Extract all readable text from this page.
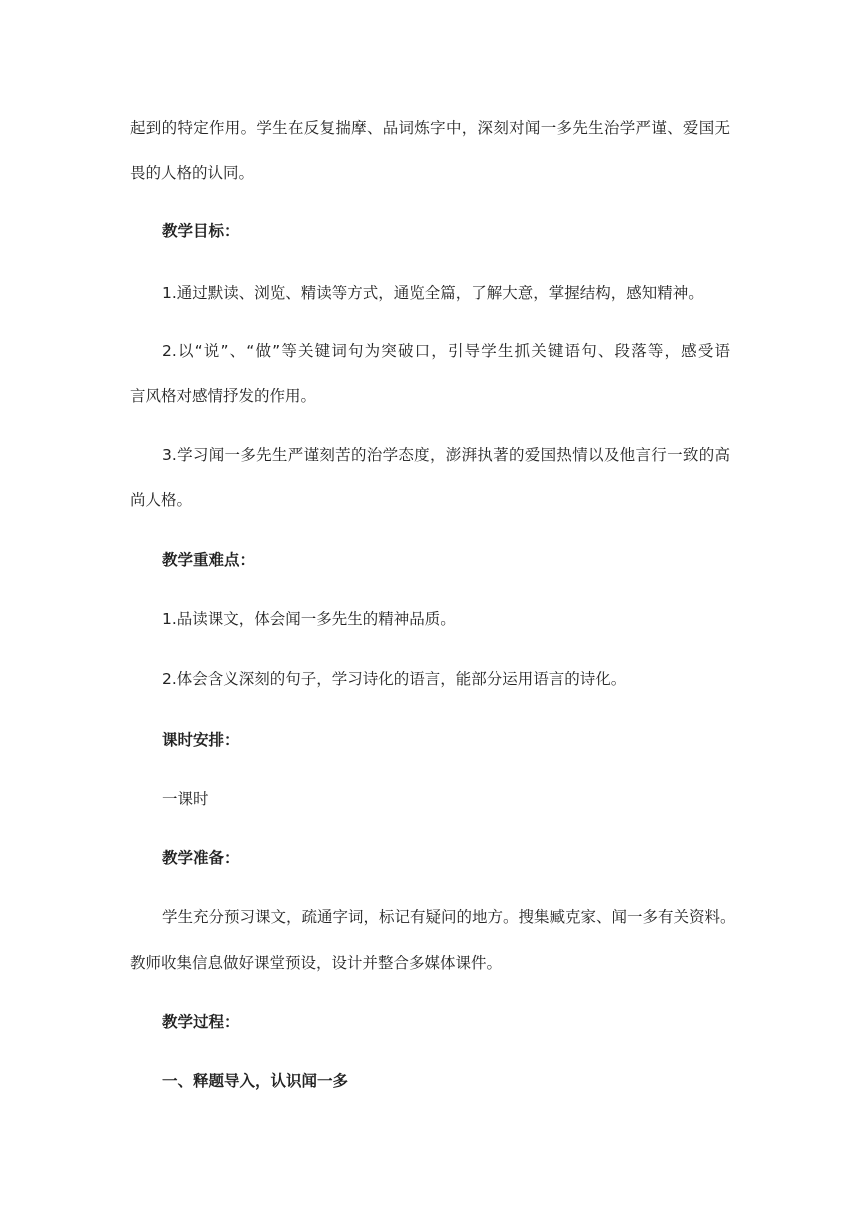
起到的特定作用。学生在反复揣摩、品词炼字中，深刻对闻一多先生治学严谨、爱国无

畏的人格的认同。

教学目标：

1.通过默读、浏览、精读等方式，通览全篇，了解大意，掌握结构，感知精神。

2.以“说”、“做”等关键词句为突破口，引导学生抓关键语句、段落等，感受语

言风格对感情抒发的作用。

3.学习闻一多先生严谨刻苦的治学态度，澎湃执著的爱国热情以及他言行一致的高

尚人格。

教学重难点：

1.品读课文，体会闻一多先生的精神品质。

2.体会含义深刻的句子，学习诗化的语言，能部分运用语言的诗化。

课时安排：

一课时

教学准备：

学生充分预习课文，疏通字词，标记有疑问的地方。搜集臧克家、闻一多有关资料。

教师收集信息做好课堂预设，设计并整合多媒体课件。

教学过程：

一、释题导入，认识闻一多
